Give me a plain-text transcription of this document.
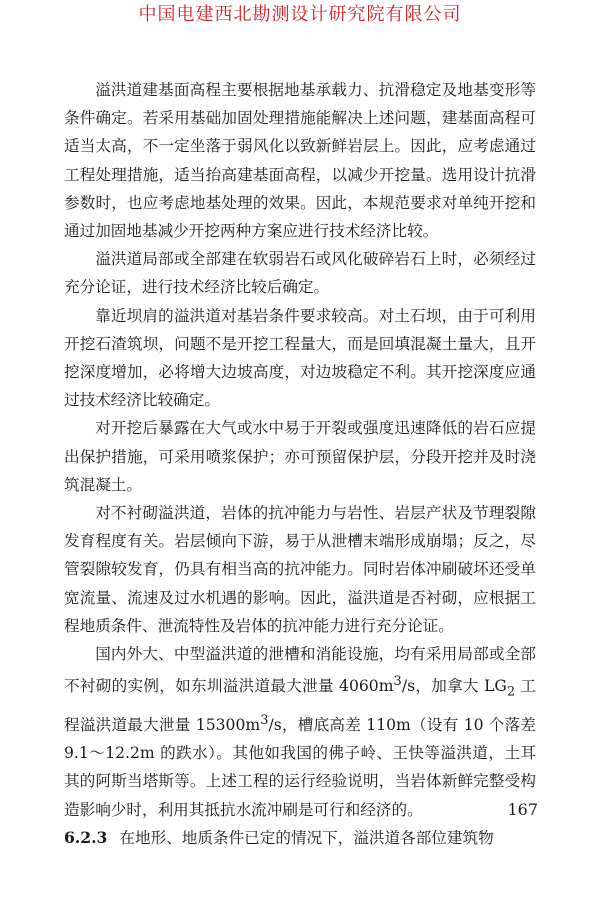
中国电建西北勘测设计研究院有限公司

溢洪道建基面高程主要根据地基承载力、抗滑稳定及地基变形等条件确定。若采用基础加固处理措施能解决上述问题，建基面高程可适当太高，不一定坐落于弱风化以致新鲜岩层上。因此，应考虑通过工程处理措施，适当抬高建基面高程，以减少开挖量。选用设计抗滑参数时，也应考虑地基处理的效果。因此，本规范要求对单纯开挖和通过加固地基减少开挖两种方案应进行技术经济比较。

溢洪道局部或全部建在软弱岩石或风化破碎岩石上时，必须经过充分论证，进行技术经济比较后确定。

靠近坝肩的溢洪道对基岩条件要求较高。对土石坝，由于可利用开挖石渣筑坝，问题不是开挖工程量大，而是回填混凝土量大，且开挖深度增加，必将增大边坡高度，对边坡稳定不利。其开挖深度应通过技术经济比较确定。

对开挖后暴露在大气或水中易于开裂或强度迅速降低的岩石应提出保护措施，可采用喷浆保护；亦可预留保护层，分段开挖并及时浇筑混凝土。

对不衬砌溢洪道，岩体的抗冲能力与岩性、岩层产状及节理裂隙发育程度有关。岩层倾向下游，易于从泄槽末端形成崩塌；反之，尽管裂隙较发育，仍具有相当高的抗冲能力。同时岩体冲刷破坏还受单宽流量、流速及过水机遇的影响。因此，溢洪道是否衬砌，应根据工程地质条件、泄流特性及岩体的抗冲能力进行充分论证。

国内外大、中型溢洪道的泄槽和消能设施，均有采用局部或全部不衬砌的实例，如东圳溢洪道最大泄量 $4060m^3/s$，加拿大 $LG_2$ 工程溢洪道最大泄量 $15300m^3/s$，槽底高差 110m（设有 10 个落差 9.1～12.2m 的跌水）。其他如我国的佛子岭、王快等溢洪道，土耳其的阿斯当塔斯等。上述工程的运行经验说明，当岩体新鲜完整受构造影响少时，利用其抵抗水流冲刷是可行和经济的。

6.2.3 在地形、地质条件已定的情况下，溢洪道各部位建筑物

167
